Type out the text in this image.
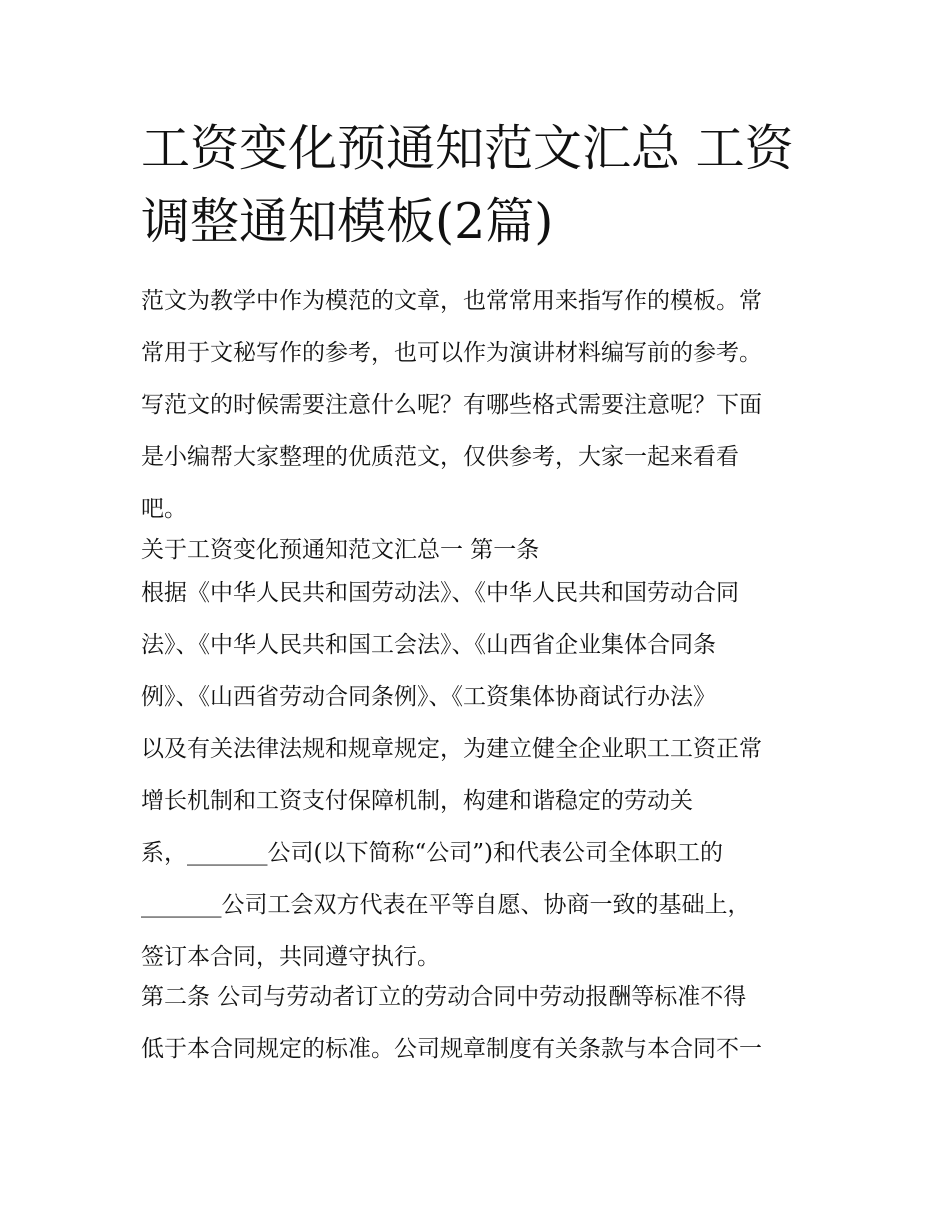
工资变化预通知范文汇总 工资
调整通知模板(2篇)
范文为教学中作为模范的文章，也常常用来指写作的模板。常
常用于文秘写作的参考，也可以作为演讲材料编写前的参考。
写范文的时候需要注意什么呢？有哪些格式需要注意呢？下面
是小编帮大家整理的优质范文，仅供参考，大家一起来看看
吧。
关于工资变化预通知范文汇总一 第一条
根据《中华人民共和国劳动法》、《中华人民共和国劳动合同
法》、《中华人民共和国工会法》、《山西省企业集体合同条
例》、《山西省劳动合同条例》、《工资集体协商试行办法》
以及有关法律法规和规章规定，为建立健全企业职工工资正常
增长机制和工资支付保障机制，构建和谐稳定的劳动关
系，_______公司(以下简称“公司”)和代表公司全体职工的
_______公司工会双方代表在平等自愿、协商一致的基础上，
签订本合同，共同遵守执行。
第二条 公司与劳动者订立的劳动合同中劳动报酬等标准不得
低于本合同规定的标准。公司规章制度有关条款与本合同不一
